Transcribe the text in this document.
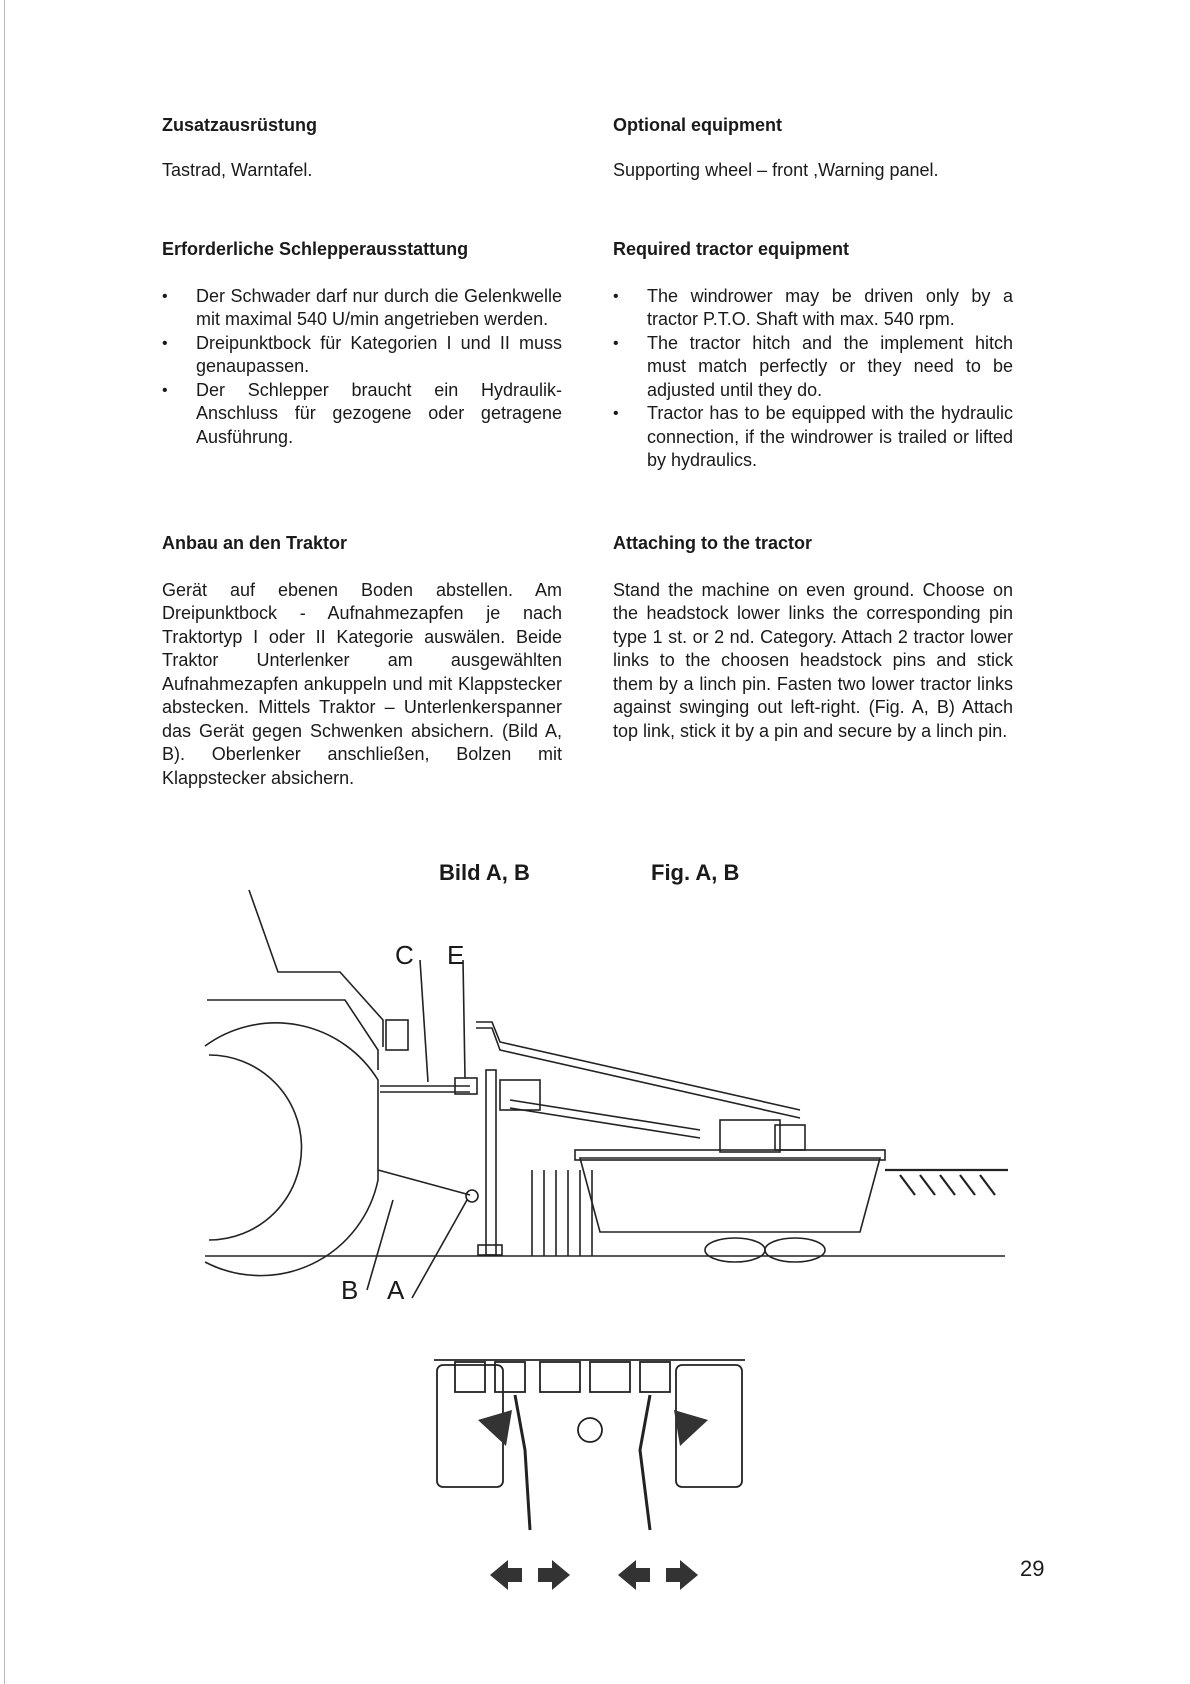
Zusatzausrüstung

Tastrad, Warntafel.

Erforderliche Schlepperausstattung
• Der Schwader darf nur durch die Gelenkwelle mit maximal 540 U/min angetrieben werden.
• Dreipunktbock für Kategorien I und II muss genaupassen.
• Der Schlepper braucht ein Hydraulik-Anschluss für gezogene oder getragene Ausführung.
Anbau an den Traktor

Gerät auf ebenen Boden abstellen. Am Dreipunktbock - Aufnahmezapfen je nach Traktortyp I oder II Kategorie auswälen. Beide Traktor Unterlenker am ausgewählten Aufnahmezapfen ankuppeln und mit Klappstecker abstecken. Mittels Traktor – Unterlenkerspanner das Gerät gegen Schwenken absichern. (Bild A, B). Oberlenker anschließen, Bolzen mit Klappstecker absichern.

Optional equipment

Supporting wheel – front ,Warning panel.

Required tractor equipment
• The windrower may be driven only by a tractor P.T.O. Shaft with max. 540 rpm.
• The tractor hitch and the implement hitch must match perfectly or they need to be adjusted until they do.
• Tractor has to be equipped with the hydraulic connection, if the windrower is trailed or lifted by hydraulics.
Attaching to the tractor

Stand the machine on even ground. Choose on the headstock lower links the corresponding pin type 1 st. or 2 nd. Category. Attach 2 tractor lower links to the choosen headstock pins and stick them by a linch pin. Fasten two lower tractor links against swinging out left-right. (Fig. A, B) Attach top link, stick it by a pin and secure by a linch pin.

Bild A, B	Fig. A, B
C E
B A
29
